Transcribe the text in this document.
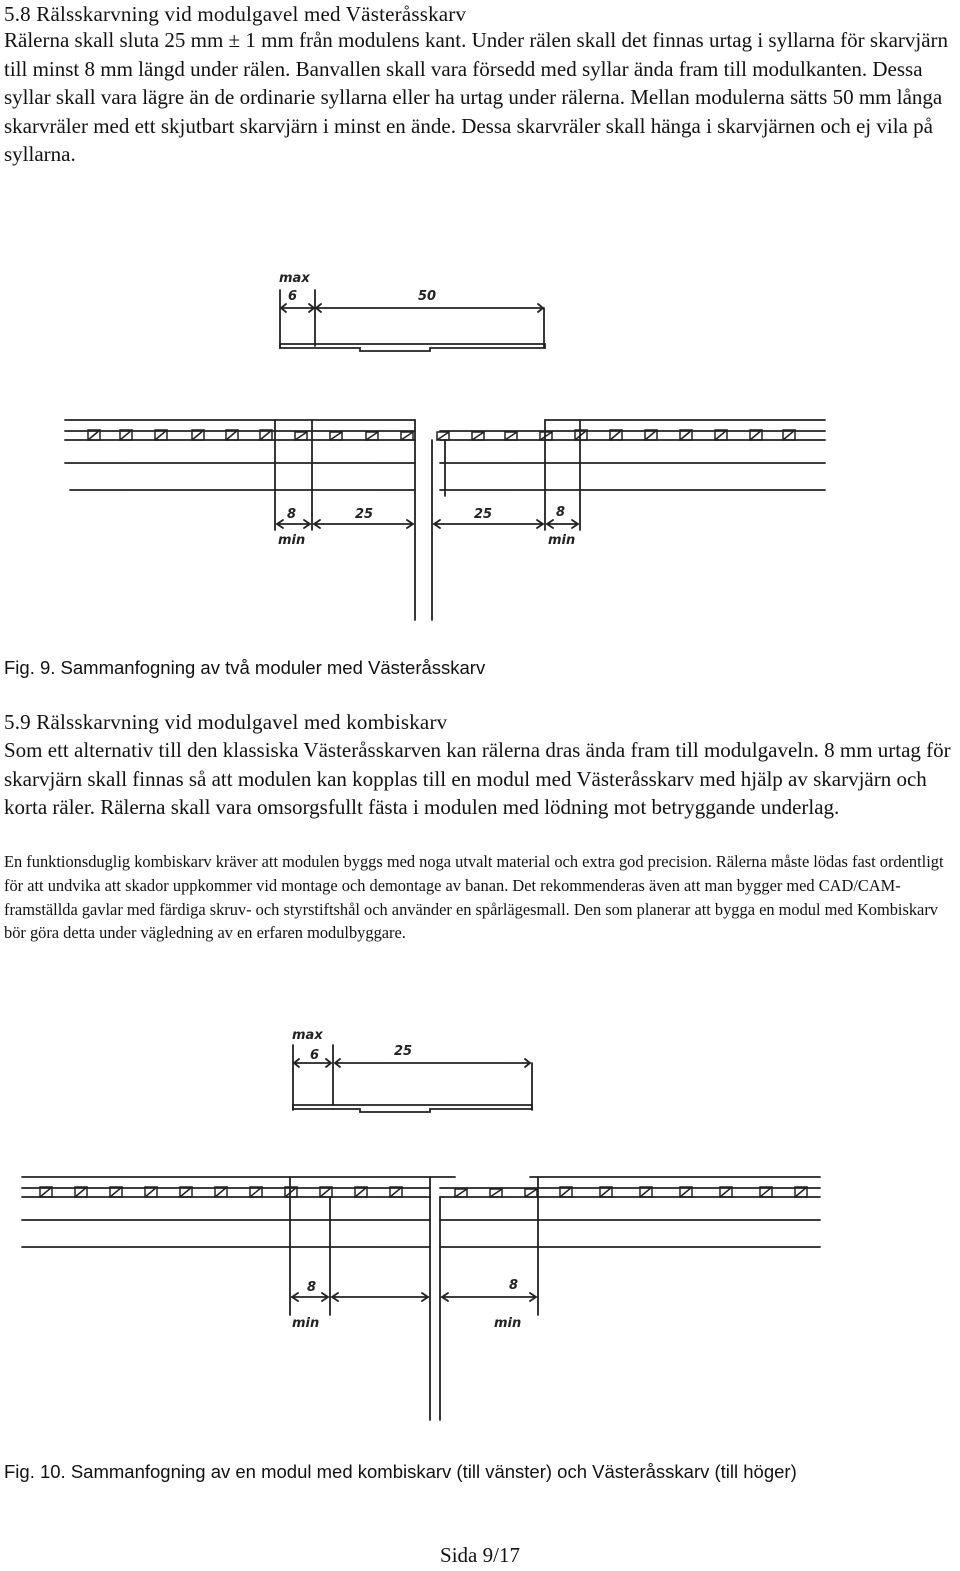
5.8 Rälsskarvning vid modulgavel med Västeråsskarv
Rälerna skall sluta 25 mm ± 1 mm från modulens kant. Under rälen skall det finnas urtag i syllarna för skarvjärn till minst 8 mm längd under rälen. Banvallen skall vara försedd med syllar ända fram till modulkanten. Dessa syllar skall vara lägre än de ordinarie syllarna eller ha urtag under rälerna. Mellan modulerna sätts 50 mm långa skarvräler med ett skjutbart skarvjärn i minst en ände. Dessa skarvräler skall hänga i skarvjärnen och ej vila på syllarna.
max
6	50
8	25	25	8
min	min
Fig. 9. Sammanfogning av två moduler med Västeråsskarv
5.9 Rälsskarvning vid modulgavel med kombiskarv
Som ett alternativ till den klassiska Västeråsskarven kan rälerna dras ända fram till modulgaveln. 8 mm urtag för skarvjärn skall finnas så att modulen kan kopplas till en modul med Västeråsskarv med hjälp av skarvjärn och korta räler. Rälerna skall vara omsorgsfullt fästa i modulen med lödning mot betryggande underlag.
En funktionsduglig kombiskarv kräver att modulen byggs med noga utvalt material och extra god precision. Rälerna måste lödas fast ordentligt för att undvika att skador uppkommer vid montage och demontage av banan. Det rekommenderas även att man bygger med CAD/CAM-framställda gavlar med färdiga skruv- och styrstiftshål och använder en spårlägesmall. Den som planerar att bygga en modul med Kombiskarv bör göra detta under vägledning av en erfaren modulbyggare.
max
6	25
8	8
min	min
Fig. 10. Sammanfogning av en modul med kombiskarv (till vänster) och Västeråsskarv (till höger)
Sida 9/17
